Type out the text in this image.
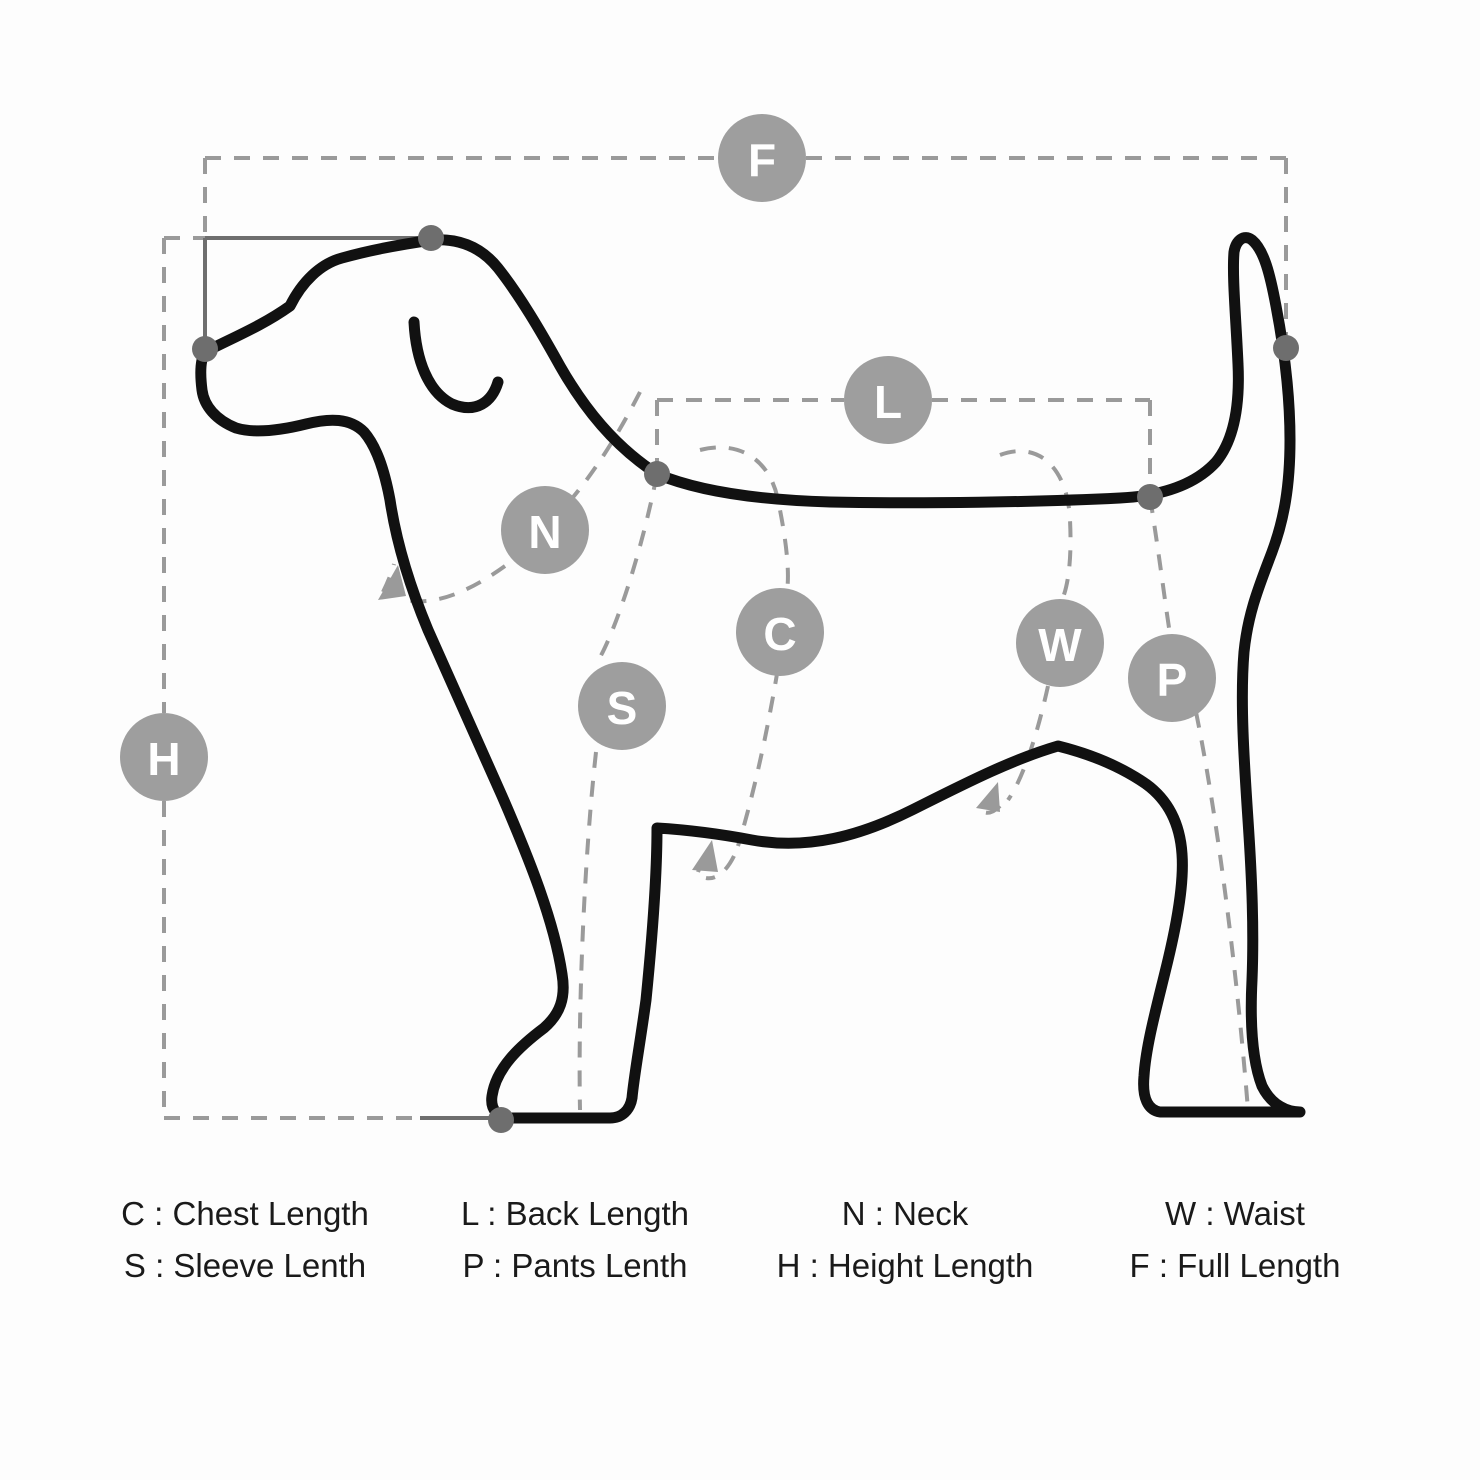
F
L
N
C	W
P
S
H
C : Chest Length	L : Back Length	N : Neck	W : Waist
S : Sleeve Lenth	P : Pants Lenth	H : Height Length	F : Full Length
